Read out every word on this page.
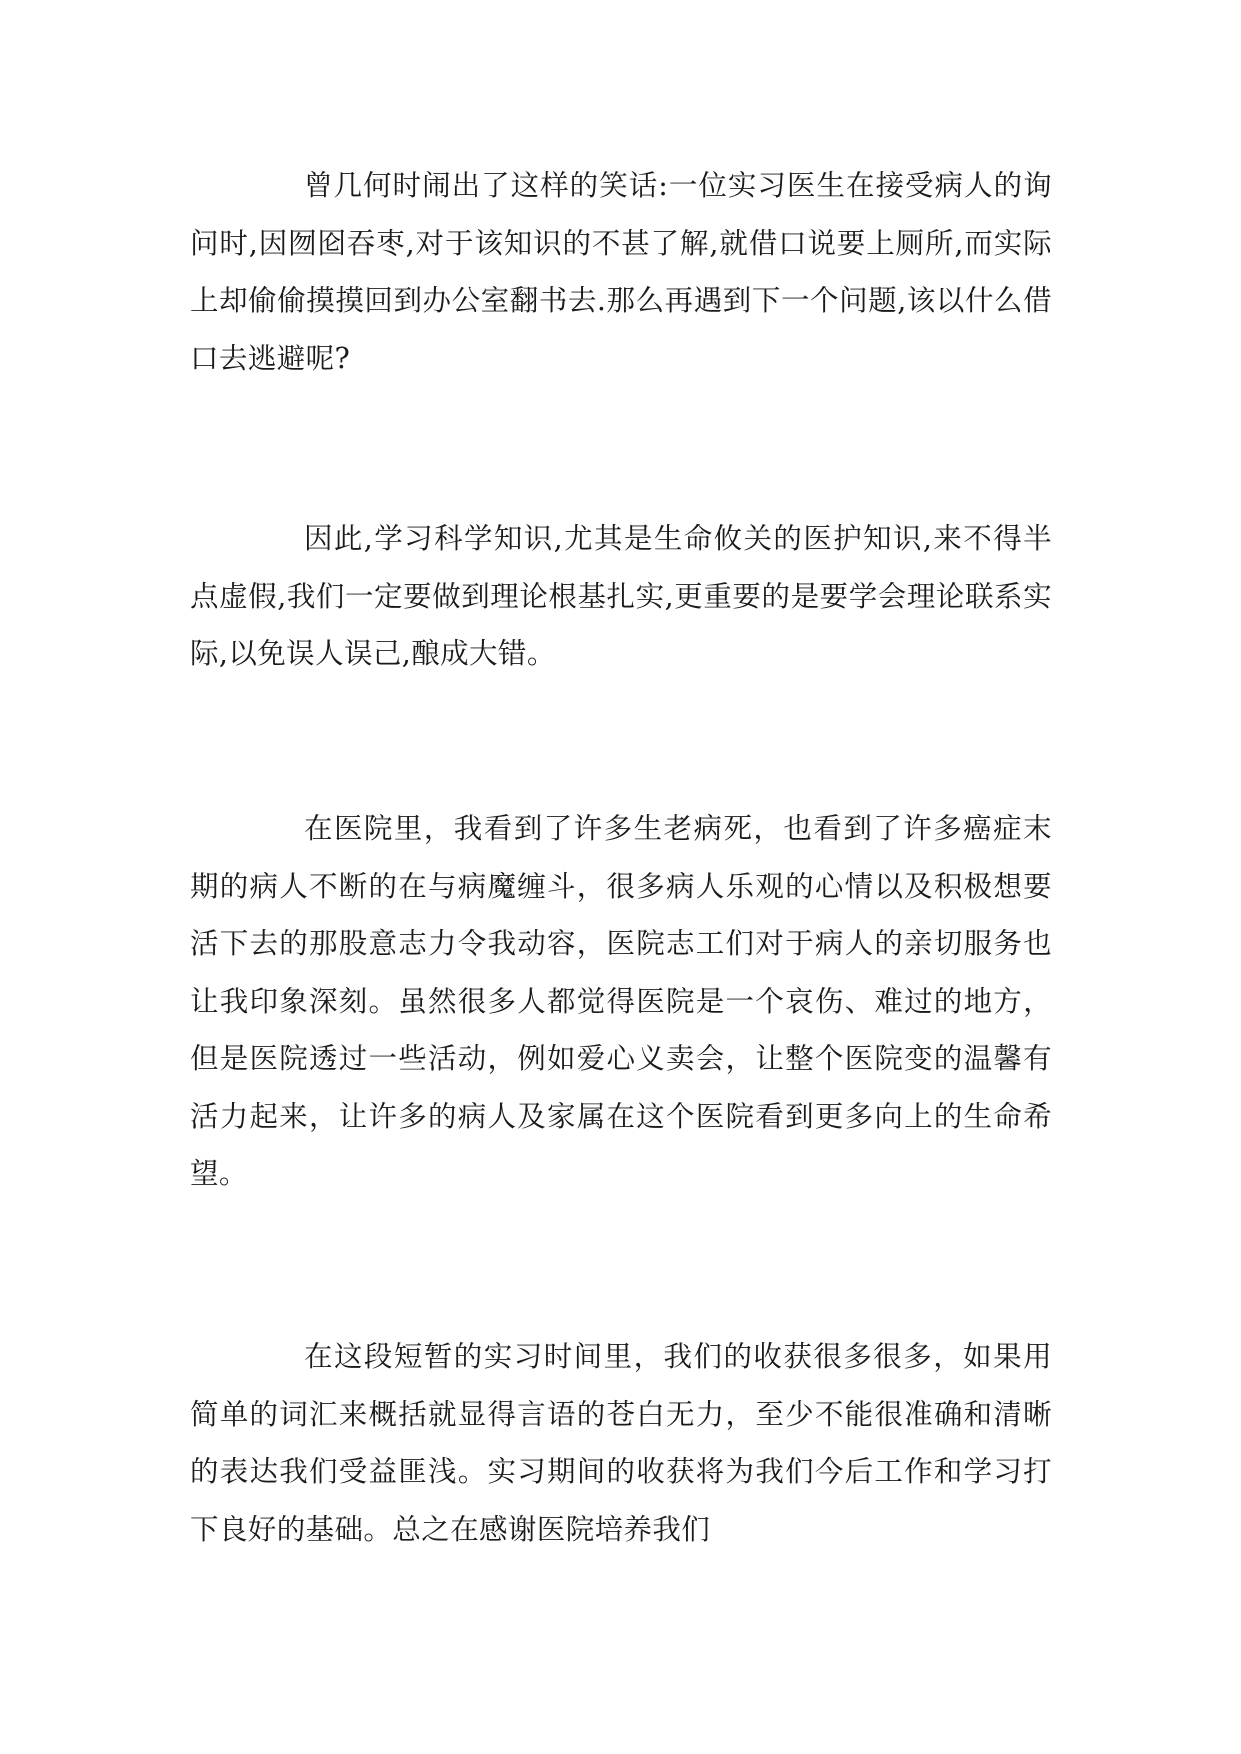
曾几何时闹出了这样的笑话:一位实习医生在接受病人的询问时,因囫囵吞枣,对于该知识的不甚了解,就借口说要上厕所,而实际上却偷偷摸摸回到办公室翻书去.那么再遇到下一个问题,该以什么借口去逃避呢?

因此,学习科学知识,尤其是生命攸关的医护知识,来不得半点虚假,我们一定要做到理论根基扎实,更重要的是要学会理论联系实际,以免误人误己,酿成大错。

在医院里，我看到了许多生老病死，也看到了许多癌症末期的病人不断的在与病魔缠斗，很多病人乐观的心情以及积极想要活下去的那股意志力令我动容，医院志工们对于病人的亲切服务也让我印象深刻。虽然很多人都觉得医院是一个哀伤、难过的地方，但是医院透过一些活动，例如爱心义卖会，让整个医院变的温馨有活力起来，让许多的病人及家属在这个医院看到更多向上的生命希望。

在这段短暂的实习时间里，我们的收获很多很多，如果用简单的词汇来概括就显得言语的苍白无力，至少不能很准确和清晰的表达我们受益匪浅。实习期间的收获将为我们今后工作和学习打下良好的基础。总之在感谢医院培养我们
